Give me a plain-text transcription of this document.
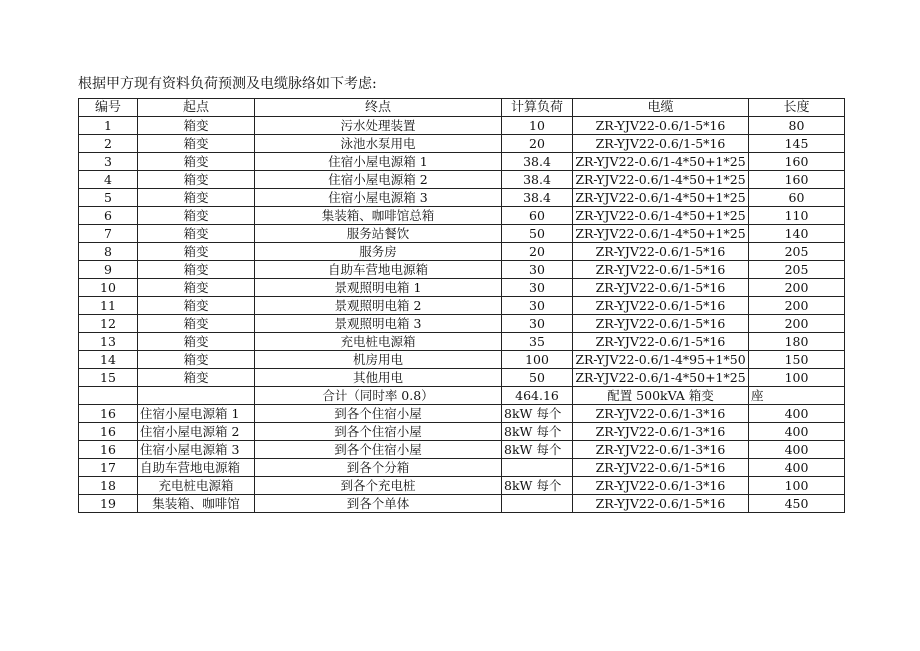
根据甲方现有资料负荷预测及电缆脉络如下考虑:
编号	起点	终点	计算负荷	电缆	长度
1	箱变	污水处理装置	10	ZR-YJV22-0.6/1-5*16	80
2	箱变	泳池水泵用电	20	ZR-YJV22-0.6/1-5*16	145
3	箱变	住宿小屋电源箱 1	38.4	ZR-YJV22-0.6/1-4*50+1*25	160
4	箱变	住宿小屋电源箱 2	38.4	ZR-YJV22-0.6/1-4*50+1*25	160
5	箱变	住宿小屋电源箱 3	38.4	ZR-YJV22-0.6/1-4*50+1*25	60
6	箱变	集装箱、咖啡馆总箱	60	ZR-YJV22-0.6/1-4*50+1*25	110
7	箱变	服务站餐饮	50	ZR-YJV22-0.6/1-4*50+1*25	140
8	箱变	服务房	20	ZR-YJV22-0.6/1-5*16	205
9	箱变	自助车营地电源箱	30	ZR-YJV22-0.6/1-5*16	205
10	箱变	景观照明电箱 1	30	ZR-YJV22-0.6/1-5*16	200
11	箱变	景观照明电箱 2	30	ZR-YJV22-0.6/1-5*16	200
12	箱变	景观照明电箱 3	30	ZR-YJV22-0.6/1-5*16	200
13	箱变	充电桩电源箱	35	ZR-YJV22-0.6/1-5*16	180
14	箱变	机房用电	100	ZR-YJV22-0.6/1-4*95+1*50	150
15	箱变	其他用电	50	ZR-YJV22-0.6/1-4*50+1*25	100
		合计（同时率 0.8）	464.16	配置 500kVA 箱变	座
16	住宿小屋电源箱 1	到各个住宿小屋	8kW 每个	ZR-YJV22-0.6/1-3*16	400
16	住宿小屋电源箱 2	到各个住宿小屋	8kW 每个	ZR-YJV22-0.6/1-3*16	400
16	住宿小屋电源箱 3	到各个住宿小屋	8kW 每个	ZR-YJV22-0.6/1-3*16	400
17	自助车营地电源箱	到各个分箱		ZR-YJV22-0.6/1-5*16	400
18	充电桩电源箱	到各个充电桩	8kW 每个	ZR-YJV22-0.6/1-3*16	100
19	集装箱、咖啡馆	到各个单体		ZR-YJV22-0.6/1-5*16	450
